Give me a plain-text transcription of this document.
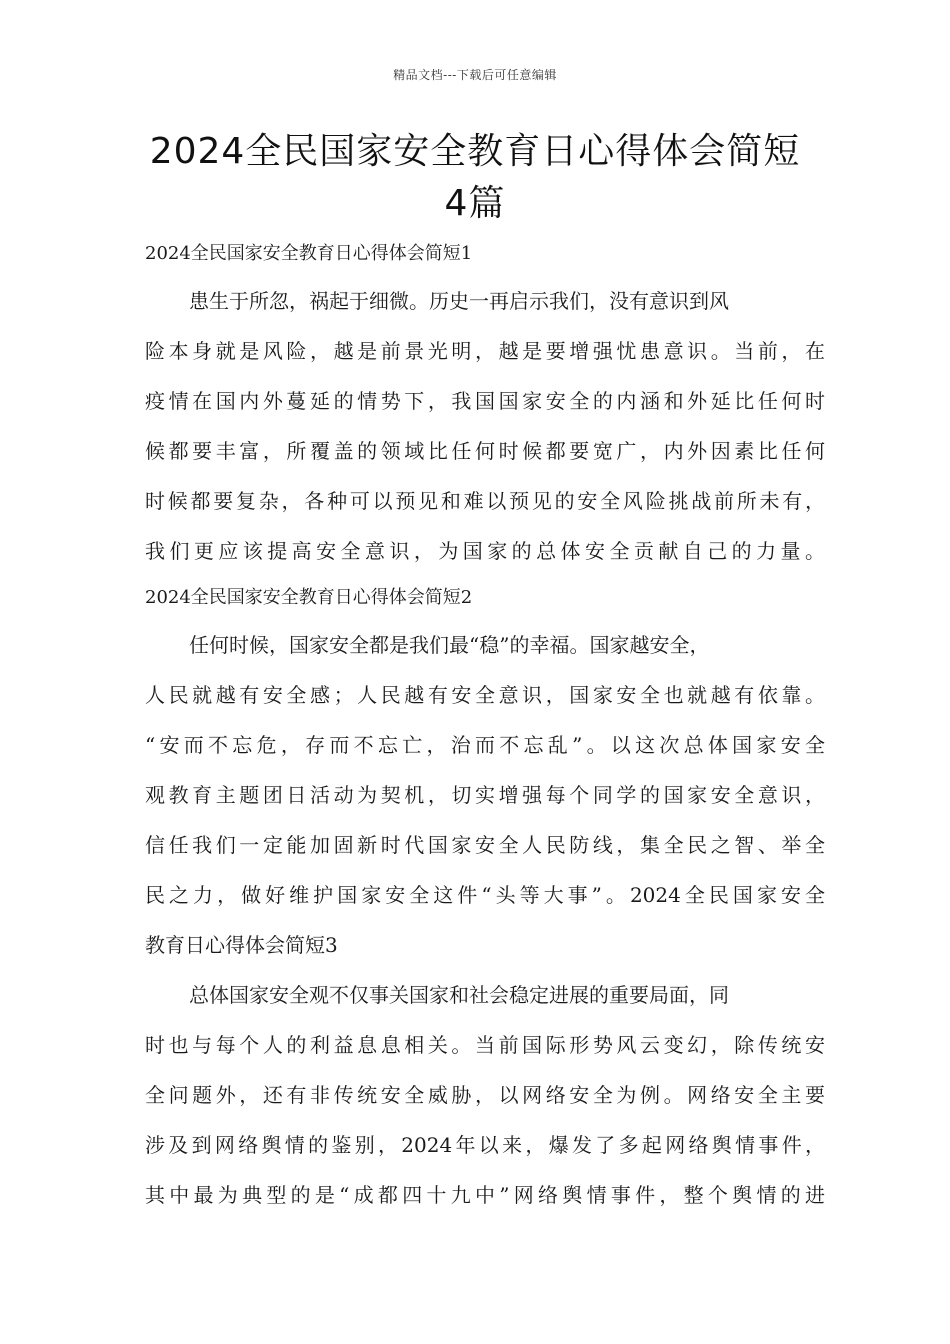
精品文档---下载后可任意编辑
2024全民国家安全教育日心得体会简短
4篇
2024全民国家安全教育日心得体会简短1
患生于所忽，祸起于细微。历史一再启示我们，没有意识到风
险本身就是风险，越是前景光明，越是要增强忧患意识。当前，在
疫情在国内外蔓延的情势下，我国国家安全的内涵和外延比任何时
候都要丰富，所覆盖的领域比任何时候都要宽广，内外因素比任何
时候都要复杂，各种可以预见和难以预见的安全风险挑战前所未有，
我们更应该提高安全意识，为国家的总体安全贡献自己的力量。
2024全民国家安全教育日心得体会简短2
任何时候，国家安全都是我们最“稳”的幸福。国家越安全，
人民就越有安全感；人民越有安全意识，国家安全也就越有依靠。
“安而不忘危，存而不忘亡，治而不忘乱”。以这次总体国家安全
观教育主题团日活动为契机，切实增强每个同学的国家安全意识，
信任我们一定能加固新时代国家安全人民防线，集全民之智、举全
民之力，做好维护国家安全这件“头等大事”。2024全民国家安全
教育日心得体会简短3
总体国家安全观不仅事关国家和社会稳定进展的重要局面，同
时也与每个人的利益息息相关。当前国际形势风云变幻，除传统安
全问题外，还有非传统安全威胁，以网络安全为例。网络安全主要
涉及到网络舆情的鉴别，2024年以来，爆发了多起网络舆情事件，
其中最为典型的是“成都四十九中”网络舆情事件，整个舆情的进
